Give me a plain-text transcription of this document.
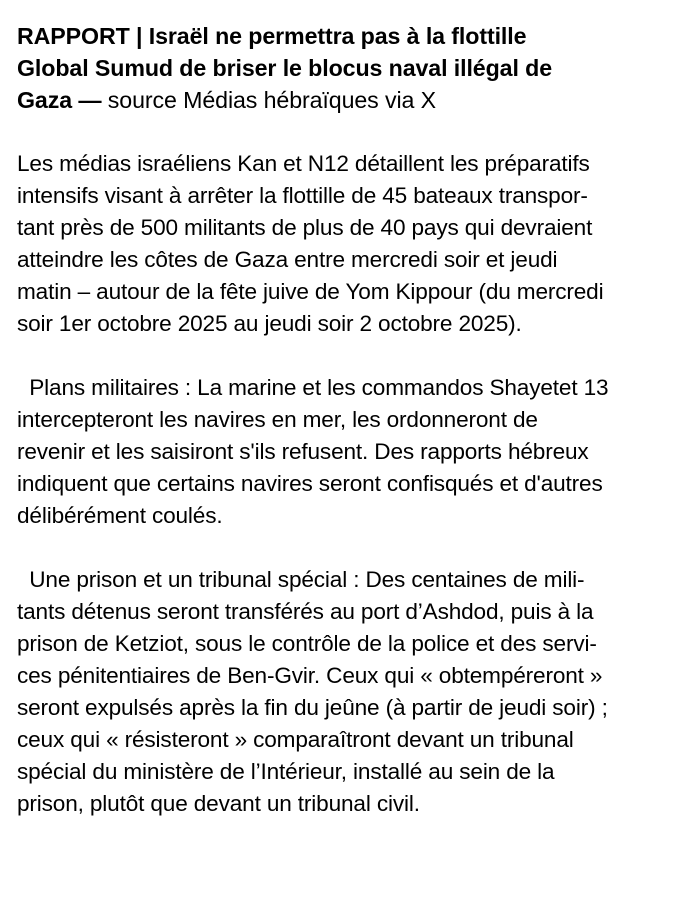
RAPPORT | Israël ne permettra pas à la flottille
Global Sumud de briser le blocus naval illégal de
Gaza — source Médias hébraïques via X
Les médias israéliens Kan et N12 détaillent les préparatifs
intensifs visant à arrêter la flottille de 45 bateaux transpor-
tant près de 500 militants de plus de 40 pays qui devraient
atteindre les côtes de Gaza entre mercredi soir et jeudi
matin – autour de la fête juive de Yom Kippour (du mercredi
soir 1er octobre 2025 au jeudi soir 2 octobre 2025).
Plans militaires : La marine et les commandos Shayetet 13
intercepteront les navires en mer, les ordonneront de
revenir et les saisiront s'ils refusent. Des rapports hébreux
indiquent que certains navires seront confisqués et d'autres
délibérément coulés.
Une prison et un tribunal spécial : Des centaines de mili-
tants détenus seront transférés au port d’Ashdod, puis à la
prison de Ketziot, sous le contrôle de la police et des servi-
ces pénitentiaires de Ben-Gvir. Ceux qui « obtempéreront »
seront expulsés après la fin du jeûne (à partir de jeudi soir) ;
ceux qui « résisteront » comparaîtront devant un tribunal
spécial du ministère de l’Intérieur, installé au sein de la
prison, plutôt que devant un tribunal civil.
